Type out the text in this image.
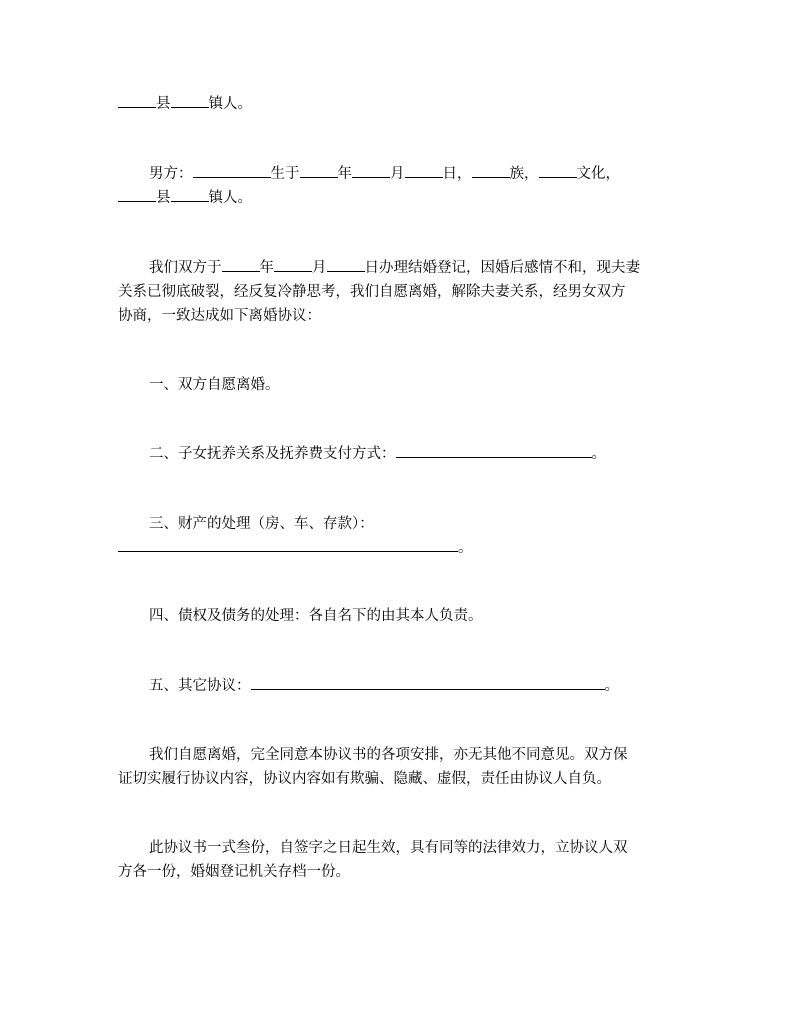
县	镇人。
男方：	生于	年	月	日，	族，	文化，
县	镇人。
我们双方于	年	月	日办理结婚登记，因婚后感情不和，现夫妻
关系已彻底破裂，经反复冷静思考，我们自愿离婚，解除夫妻关系，经男女双方
协商，一致达成如下离婚协议：
一、双方自愿离婚。
二、子女抚养关系及抚养费支付方式：	。
三、财产的处理（房、车、存款）：
。
四、债权及债务的处理：各自名下的由其本人负责。
五、其它协议：	。
我们自愿离婚，完全同意本协议书的各项安排，亦无其他不同意见。双方保
证切实履行协议内容，协议内容如有欺骗、隐藏、虚假，责任由协议人自负。
此协议书一式叁份，自签字之日起生效，具有同等的法律效力，立协议人双
方各一份，婚姻登记机关存档一份。
